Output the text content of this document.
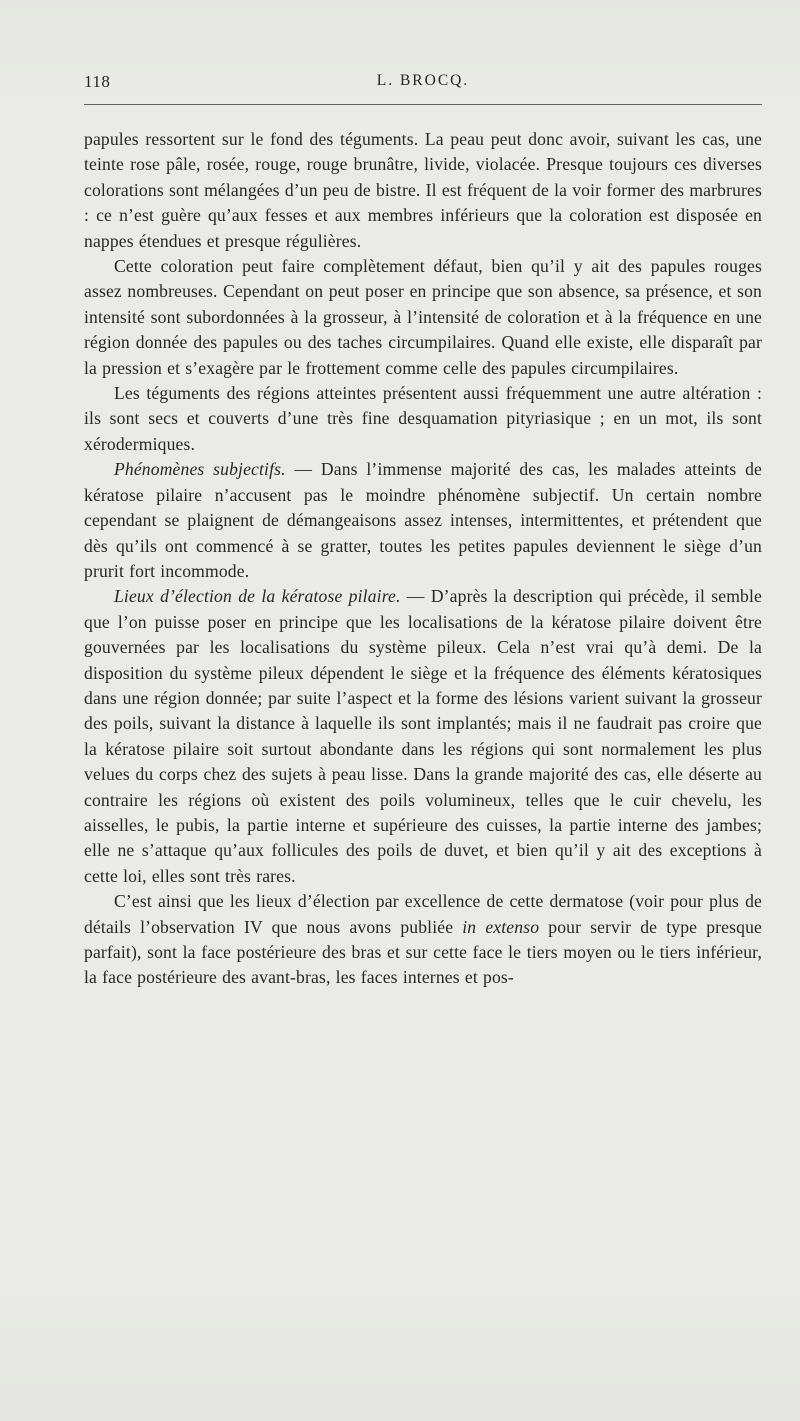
118	L. BROCQ.

papules ressortent sur le fond des téguments. La peau peut donc avoir, suivant les cas, une teinte rose pâle, rosée, rouge, rouge brunâtre, livide, violacée. Presque toujours ces diverses colorations sont mélangées d’un peu de bistre. Il est fréquent de la voir former des marbrures : ce n’est guère qu’aux fesses et aux membres inférieurs que la coloration est disposée en nappes étendues et presque régulières.

Cette coloration peut faire complètement défaut, bien qu’il y ait des papules rouges assez nombreuses. Cependant on peut poser en principe que son absence, sa présence, et son intensité sont subordonnées à la grosseur, à l’intensité de coloration et à la fréquence en une région donnée des papules ou des taches circumpilaires. Quand elle existe, elle disparaît par la pression et s’exagère par le frottement comme celle des papules circumpilaires.

Les téguments des régions atteintes présentent aussi fréquemment une autre altération : ils sont secs et couverts d’une très fine desquamation pityriasique ; en un mot, ils sont xérodermiques.

Phénomènes subjectifs. — Dans l’immense majorité des cas, les malades atteints de kératose pilaire n’accusent pas le moindre phénomène subjectif. Un certain nombre cependant se plaignent de démangeaisons assez intenses, intermittentes, et prétendent que dès qu’ils ont commencé à se gratter, toutes les petites papules deviennent le siège d’un prurit fort incommode.

Lieux d’élection de la kératose pilaire. — D’après la description qui précède, il semble que l’on puisse poser en principe que les localisations de la kératose pilaire doivent être gouvernées par les localisations du système pileux. Cela n’est vrai qu’à demi. De la disposition du système pileux dépendent le siège et la fréquence des éléments kératosiques dans une région donnée; par suite l’aspect et la forme des lésions varient suivant la grosseur des poils, suivant la distance à laquelle ils sont implantés; mais il ne faudrait pas croire que la kératose pilaire soit surtout abondante dans les régions qui sont normalement les plus velues du corps chez des sujets à peau lisse. Dans la grande majorité des cas, elle déserte au contraire les régions où existent des poils volumineux, telles que le cuir chevelu, les aisselles, le pubis, la partie interne et supérieure des cuisses, la partie interne des jambes; elle ne s’attaque qu’aux follicules des poils de duvet, et bien qu’il y ait des exceptions à cette loi, elles sont très rares.

C’est ainsi que les lieux d’élection par excellence de cette dermatose (voir pour plus de détails l’observation IV que nous avons publiée in extenso pour servir de type presque parfait), sont la face postérieure des bras et sur cette face le tiers moyen ou le tiers inférieur, la face postérieure des avant-bras, les faces internes et pos-
